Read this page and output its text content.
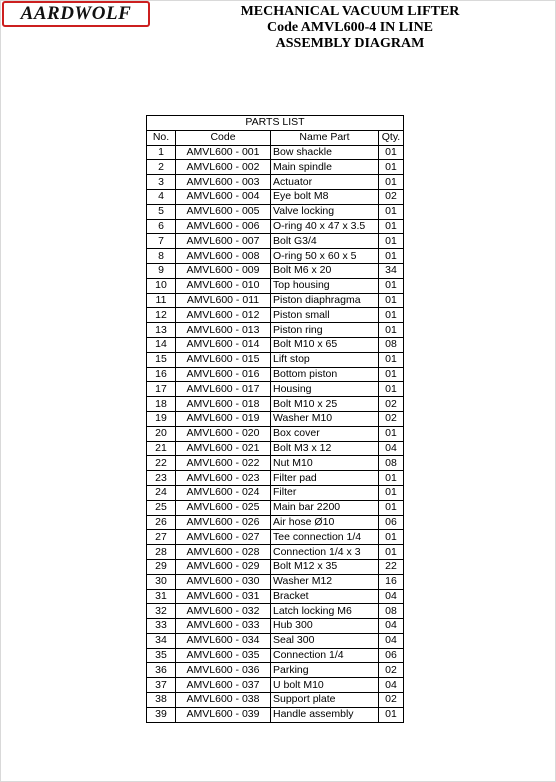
AARDWOLF	MECHANICAL VACUUM LIFTER
Code AMVL600-4 IN LINE
ASSEMBLY DIAGRAM
PARTS LIST			
No.	Code	Name Part	Qty.
1	AMVL600 - 001	Bow shackle	01
2	AMVL600 - 002	Main spindle	01
3	AMVL600 - 003	Actuator	01
4	AMVL600 - 004	Eye bolt M8	02
5	AMVL600 - 005	Valve locking	01
6	AMVL600 - 006	O-ring 40 x 47 x 3.5	01
7	AMVL600 - 007	Bolt G3/4	01
8	AMVL600 - 008	O-ring 50 x 60 x 5	01
9	AMVL600 - 009	Bolt M6 x 20	34
10	AMVL600 - 010	Top housing	01
11	AMVL600 - 011	Piston diaphragma	01
12	AMVL600 - 012	Piston small	01
13	AMVL600 - 013	Piston ring	01
14	AMVL600 - 014	Bolt M10 x 65	08
15	AMVL600 - 015	Lift stop	01
16	AMVL600 - 016	Bottom piston	01
17	AMVL600 - 017	Housing	01
18	AMVL600 - 018	Bolt M10 x 25	02
19	AMVL600 - 019	Washer M10	02
20	AMVL600 - 020	Box cover	01
21	AMVL600 - 021	Bolt M3 x 12	04
22	AMVL600 - 022	Nut M10	08
23	AMVL600 - 023	Filter pad	01
24	AMVL600 - 024	Filter	01
25	AMVL600 - 025	Main bar 2200	01
26	AMVL600 - 026	Air hose Ø10	06
27	AMVL600 - 027	Tee connection 1/4	01
28	AMVL600 - 028	Connection 1/4 x 3	01
29	AMVL600 - 029	Bolt M12 x 35	22
30	AMVL600 - 030	Washer M12	16
31	AMVL600 - 031	Bracket	04
32	AMVL600 - 032	Latch locking M6	08
33	AMVL600 - 033	Hub 300	04
34	AMVL600 - 034	Seal 300	04
35	AMVL600 - 035	Connection 1/4	06
36	AMVL600 - 036	Parking	02
37	AMVL600 - 037	U bolt M10	04
38	AMVL600 - 038	Support plate	02
39	AMVL600 - 039	Handle assembly	01
